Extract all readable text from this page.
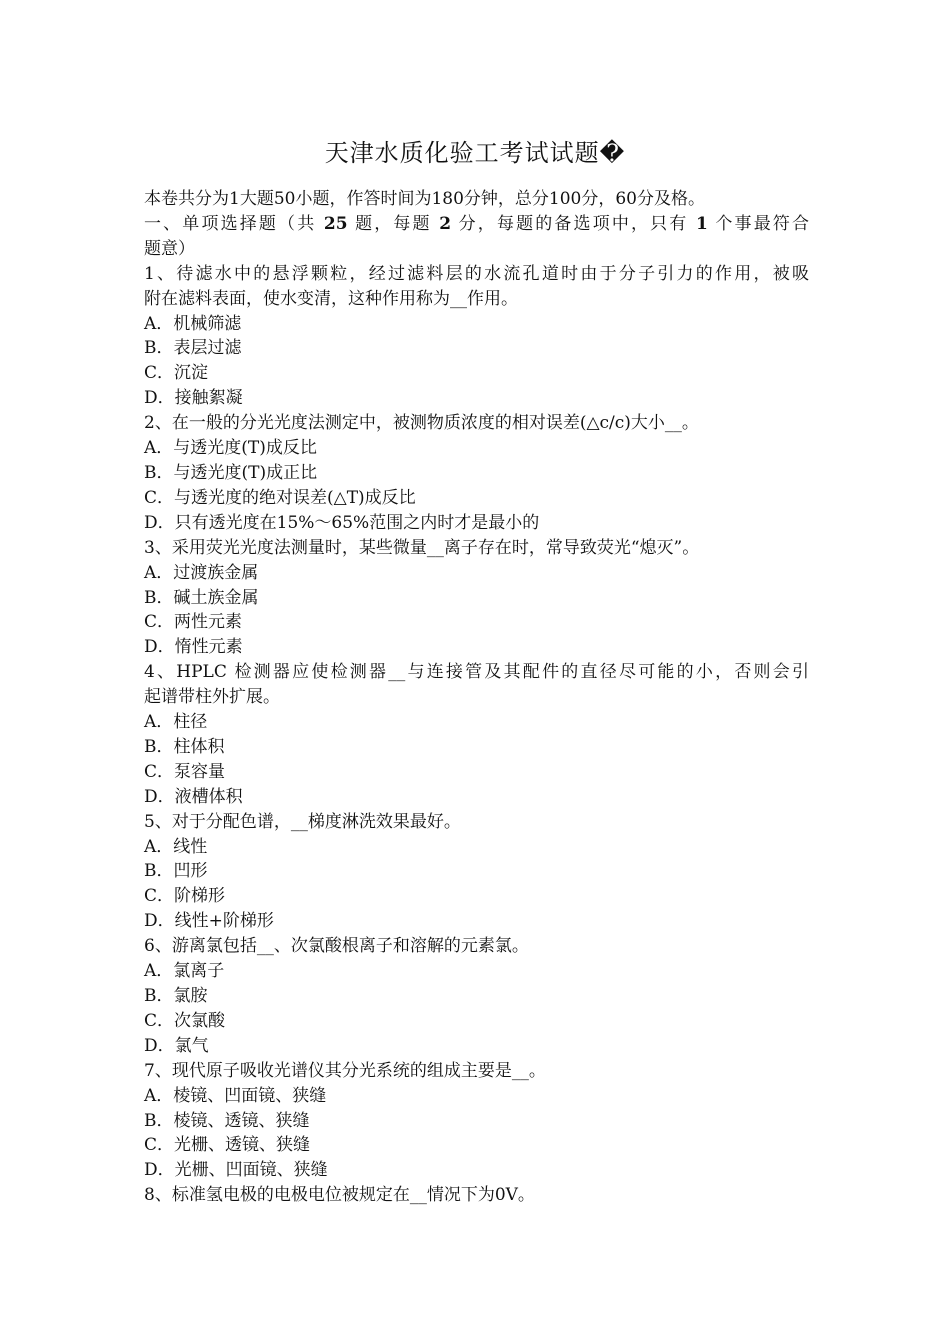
天津水质化验工考试试题�
本卷共分为1大题50小题，作答时间为180分钟，总分100分，60分及格。
一、单项选择题（共 25 题，每题 2 分，每题的备选项中，只有 1 个事最符合
题意）
1、待滤水中的悬浮颗粒，经过滤料层的水流孔道时由于分子引力的作用，被吸
附在滤料表面，使水变清，这种作用称为__作用。
A．机械筛滤
B．表层过滤
C．沉淀
D．接触絮凝
2、在一般的分光光度法测定中，被测物质浓度的相对误差(△c/c)大小__。
A．与透光度(T)成反比
B．与透光度(T)成正比
C．与透光度的绝对误差(△T)成反比
D．只有透光度在15%～65%范围之内时才是最小的
3、采用荧光光度法测量时，某些微量__离子存在时，常导致荧光“熄灭”。
A．过渡族金属
B．碱土族金属
C．两性元素
D．惰性元素
4、HPLC 检测器应使检测器__与连接管及其配件的直径尽可能的小，否则会引
起谱带柱外扩展。
A．柱径
B．柱体积
C．泵容量
D．液槽体积
5、对于分配色谱，__梯度淋洗效果最好。
A．线性
B．凹形
C．阶梯形
D．线性+阶梯形
6、游离氯包括__、次氯酸根离子和溶解的元素氯。
A．氯离子
B．氯胺
C．次氯酸
D．氯气
7、现代原子吸收光谱仪其分光系统的组成主要是__。
A．棱镜、凹面镜、狭缝
B．棱镜、透镜、狭缝
C．光栅、透镜、狭缝
D．光栅、凹面镜、狭缝
8、标准氢电极的电极电位被规定在__情况下为0V。
